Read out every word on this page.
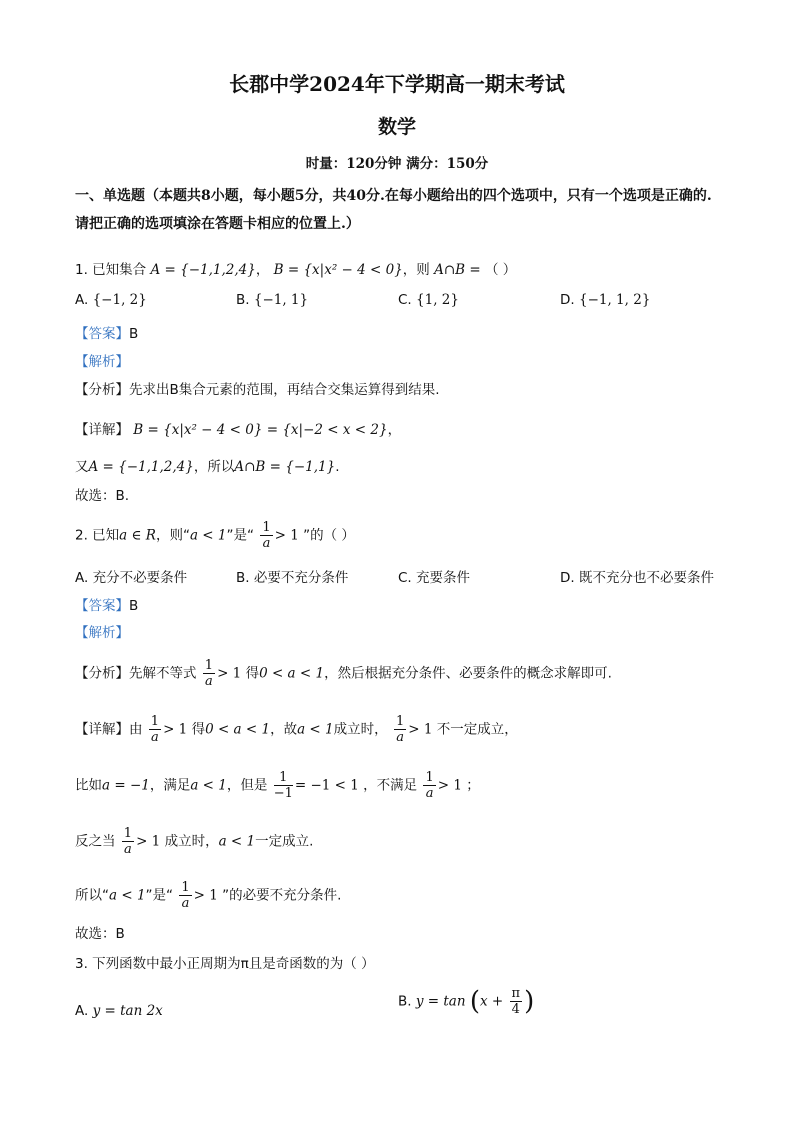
长郡中学2024年下学期高一期末考试
数学
时量：120分钟 满分：150分
一、单选题（本题共8小题，每小题5分，共40分.在每小题给出的四个选项中，只有一个选项是正确的.请把正确的选项填涂在答题卡相应的位置上.）
1. 已知集合 A = {−1,1,2,4}， B = {x|x² − 4 < 0}，则 A∩B = （ ）
A. {−1, 2}	B. {−1, 1}	C. {1, 2}	D. {−1, 1, 2}
【答案】B
【解析】
【分析】先求出B集合元素的范围，再结合交集运算得到结果.
【详解】 B = {x|x² − 4 < 0} = {x|−2 < x < 2}，
又A = {−1,1,2,4}，所以A∩B = {−1,1}.
故选：B.
2. 已知a ∈ R，则“a < 1”是“ $\frac{1}{a} > 1$ ”的（ ）
A. 充分不必要条件	B. 必要不充分条件	C. 充要条件	D. 既不充分也不必要条件
【答案】B
【解析】
【分析】先解不等式 $\frac{1}{a} > 1$ 得0 < a < 1，然后根据充分条件、必要条件的概念求解即可.
【详解】由 $\frac{1}{a} > 1$ 得0 < a < 1，故a < 1成立时， $\frac{1}{a} > 1$ 不一定成立，
比如a = −1，满足a < 1，但是 $\frac{1}{-1} = -1 < 1$ ，不满足 $\frac{1}{a} > 1$ ；
反之当 $\frac{1}{a} > 1$ 成立时，a < 1一定成立.
所以“a < 1”是“ $\frac{1}{a} > 1$ ”的必要不充分条件.
故选：B
3. 下列函数中最小正周期为π且是奇函数的为（ ）
A. y = tan 2x
B. $y = \tan (x + \frac{\pi}{4}$ )
